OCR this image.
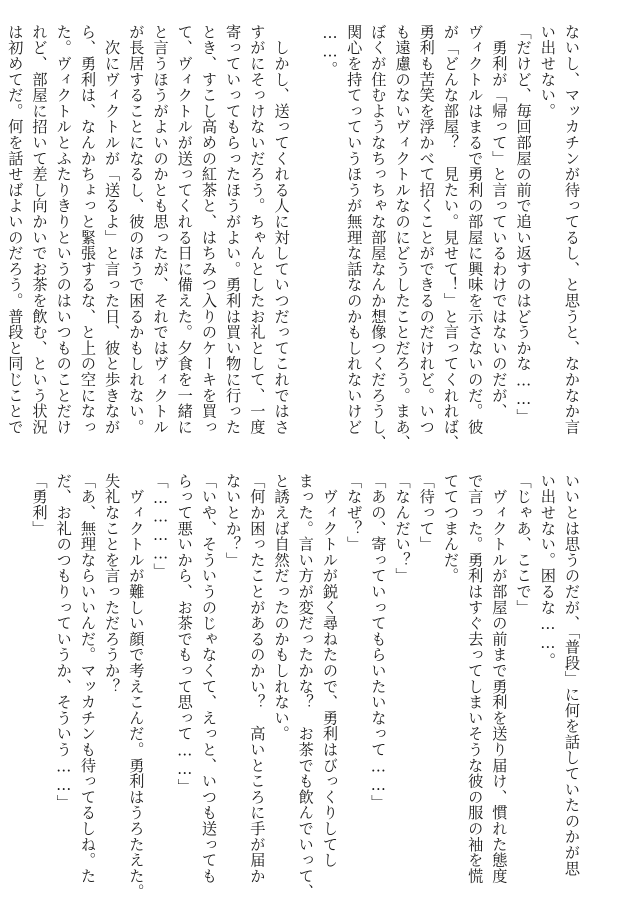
ないし、マッカチンが待ってるし、と思うと、なかなか言
い出せない。
「だけど、毎回部屋の前で追い返すのはどうかな……」
　勇利が「帰って」と言っているわけではないのだが、
ヴィクトルはまるで勇利の部屋に興味を示さないのだ。彼
が「どんな部屋？　見たい。見せて！」と言ってくれれば、
勇利も苦笑を浮かべて招くことができるのだけれど。いつ
も遠慮のないヴィクトルなのにどうしたことだろう。まあ、
ぼくが住むようなちっちゃな部屋なんか想像つくだろうし、
関心を持てっていうほうが無理な話なのかもしれないけど
……。

　しかし、送ってくれる人に対していつだってこれではさ
すがにそっけないだろう。ちゃんとしたお礼として、一度
寄っていってもらったほうがよい。勇利は買い物に行った
とき、すこし高めの紅茶と、はちみつ入りのケーキを買っ
て、ヴィクトルが送ってくれる日に備えた。夕食を一緒に
と言うほうがよいのかとも思ったが、それではヴィクトル
が長居することになるし、彼のほうで困るかもしれない。
　次にヴィクトルが「送るよ」と言った日、彼と歩きなが
ら、勇利は、なんかちょっと緊張するな、と上の空になっ
た。ヴィクトルとふたりきりというのはいつものことだけ
れど、部屋に招いて差し向かいでお茶を飲む、という状況
は初めてだ。何を話せばよいのだろう。普段と同じことで
いいとは思うのだが、「普段」に何を話していたのかが思
い出せない。困るな……。
「じゃあ、ここで」
　ヴィクトルが部屋の前まで勇利を送り届け、慣れた態度
で言った。勇利はすぐ去ってしまいそうな彼の服の袖を慌
ててつまんだ。
「待って」
「なんだい？」
「あの、寄っていってもらいたいなって……」
「なぜ？」
　ヴィクトルが鋭く尋ねたので、勇利はびっくりしてし
まった。言い方が変だったかな？　お茶でも飲んでいって、
と誘えば自然だったのかもしれない。
「何か困ったことがあるのかい？　高いところに手が届か
ないとか？」
「いや、そういうのじゃなくて、えっと、いつも送っても
らって悪いから、お茶でもって思って……」
「…………」
　ヴィクトルが難しい顔で考えこんだ。勇利はうろたえた。
失礼なことを言っただろうか？
「あ、無理ならいいんだ。マッカチンも待ってるしね。た
だ、お礼のつもりっていうか、そういう……」
「勇利」
